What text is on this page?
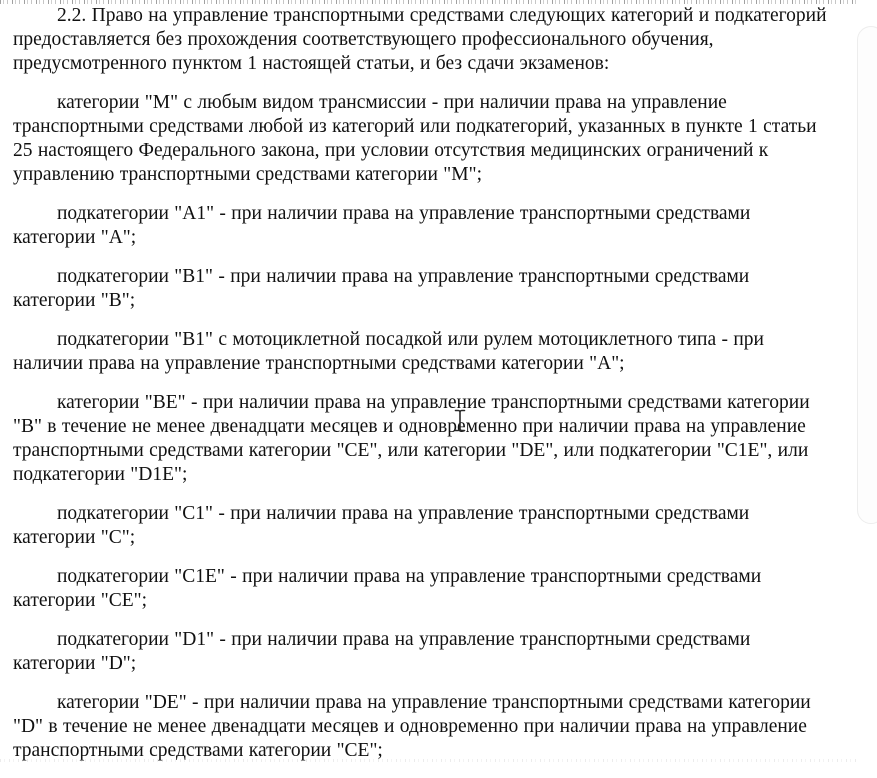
2.2. Право на управление транспортными средствами следующих категорий и подкатегорий предоставляется без прохождения соответствующего профессионального обучения, предусмотренного пунктом 1 настоящей статьи, и без сдачи экзаменов:

категории "M" с любым видом трансмиссии - при наличии права на управление транспортными средствами любой из категорий или подкатегорий, указанных в пункте 1 статьи 25 настоящего Федерального закона, при условии отсутствия медицинских ограничений к управлению транспортными средствами категории "M";

подкатегории "A1" - при наличии права на управление транспортными средствами категории "A";

подкатегории "B1" - при наличии права на управление транспортными средствами категории "B";

подкатегории "B1" с мотоциклетной посадкой или рулем мотоциклетного типа - при наличии права на управление транспортными средствами категории "A";

категории "BE" - при наличии права на управление транспортными средствами категории "B" в течение не менее двенадцати месяцев и одновременно при наличии права на управление транспортными средствами категории "CE", или категории "DE", или подкатегории "C1E", или подкатегории "D1E";

подкатегории "C1" - при наличии права на управление транспортными средствами категории "C";

подкатегории "C1E" - при наличии права на управление транспортными средствами категории "CE";

подкатегории "D1" - при наличии права на управление транспортными средствами категории "D";

категории "DE" - при наличии права на управление транспортными средствами категории "D" в течение не менее двенадцати месяцев и одновременно при наличии права на управление транспортными средствами категории "CE";
